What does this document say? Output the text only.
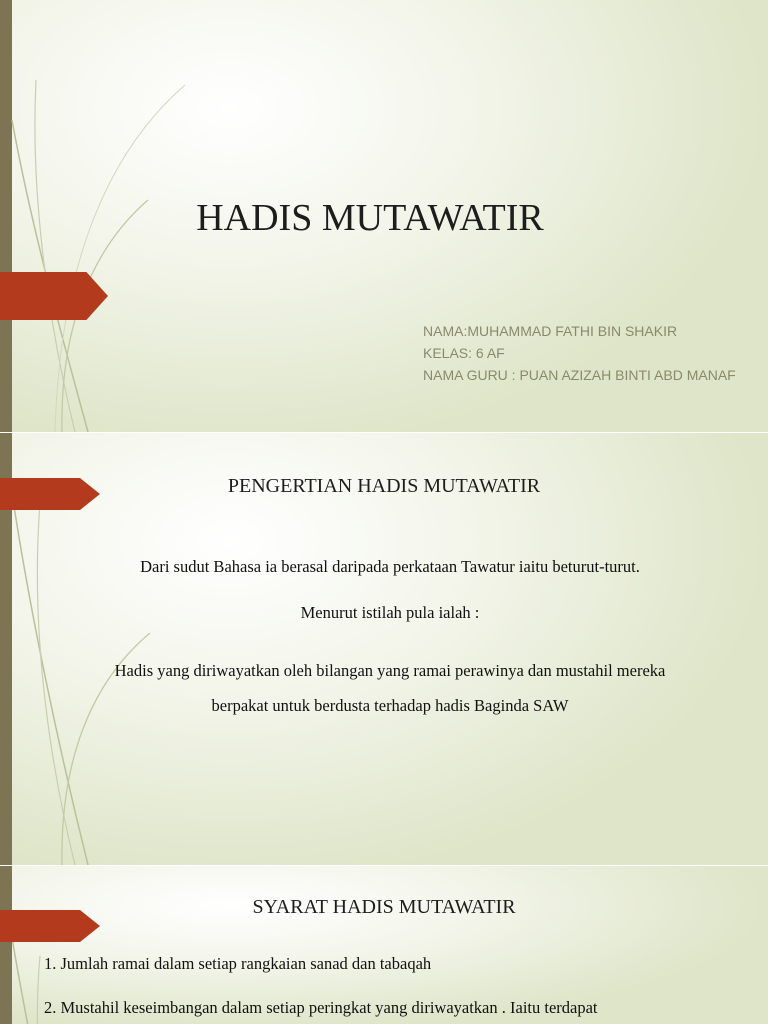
HADIS MUTAWATIR
NAMA:MUHAMMAD FATHI BIN SHAKIR
KELAS: 6 AF
NAMA GURU : PUAN AZIZAH BINTI ABD MANAF
PENGERTIAN HADIS MUTAWATIR

Dari sudut Bahasa ia berasal daripada perkataan Tawatur iaitu beturut-turut.

Menurut istilah pula ialah :

Hadis yang diriwayatkan oleh bilangan yang ramai perawinya dan mustahil mereka

berpakat untuk berdusta terhadap hadis Baginda SAW

SYARAT HADIS MUTAWATIR
1. Jumlah ramai dalam setiap rangkaian sanad dan tabaqah
2. Mustahil keseimbangan dalam setiap peringkat yang diriwayatkan . Iaitu terdapat
